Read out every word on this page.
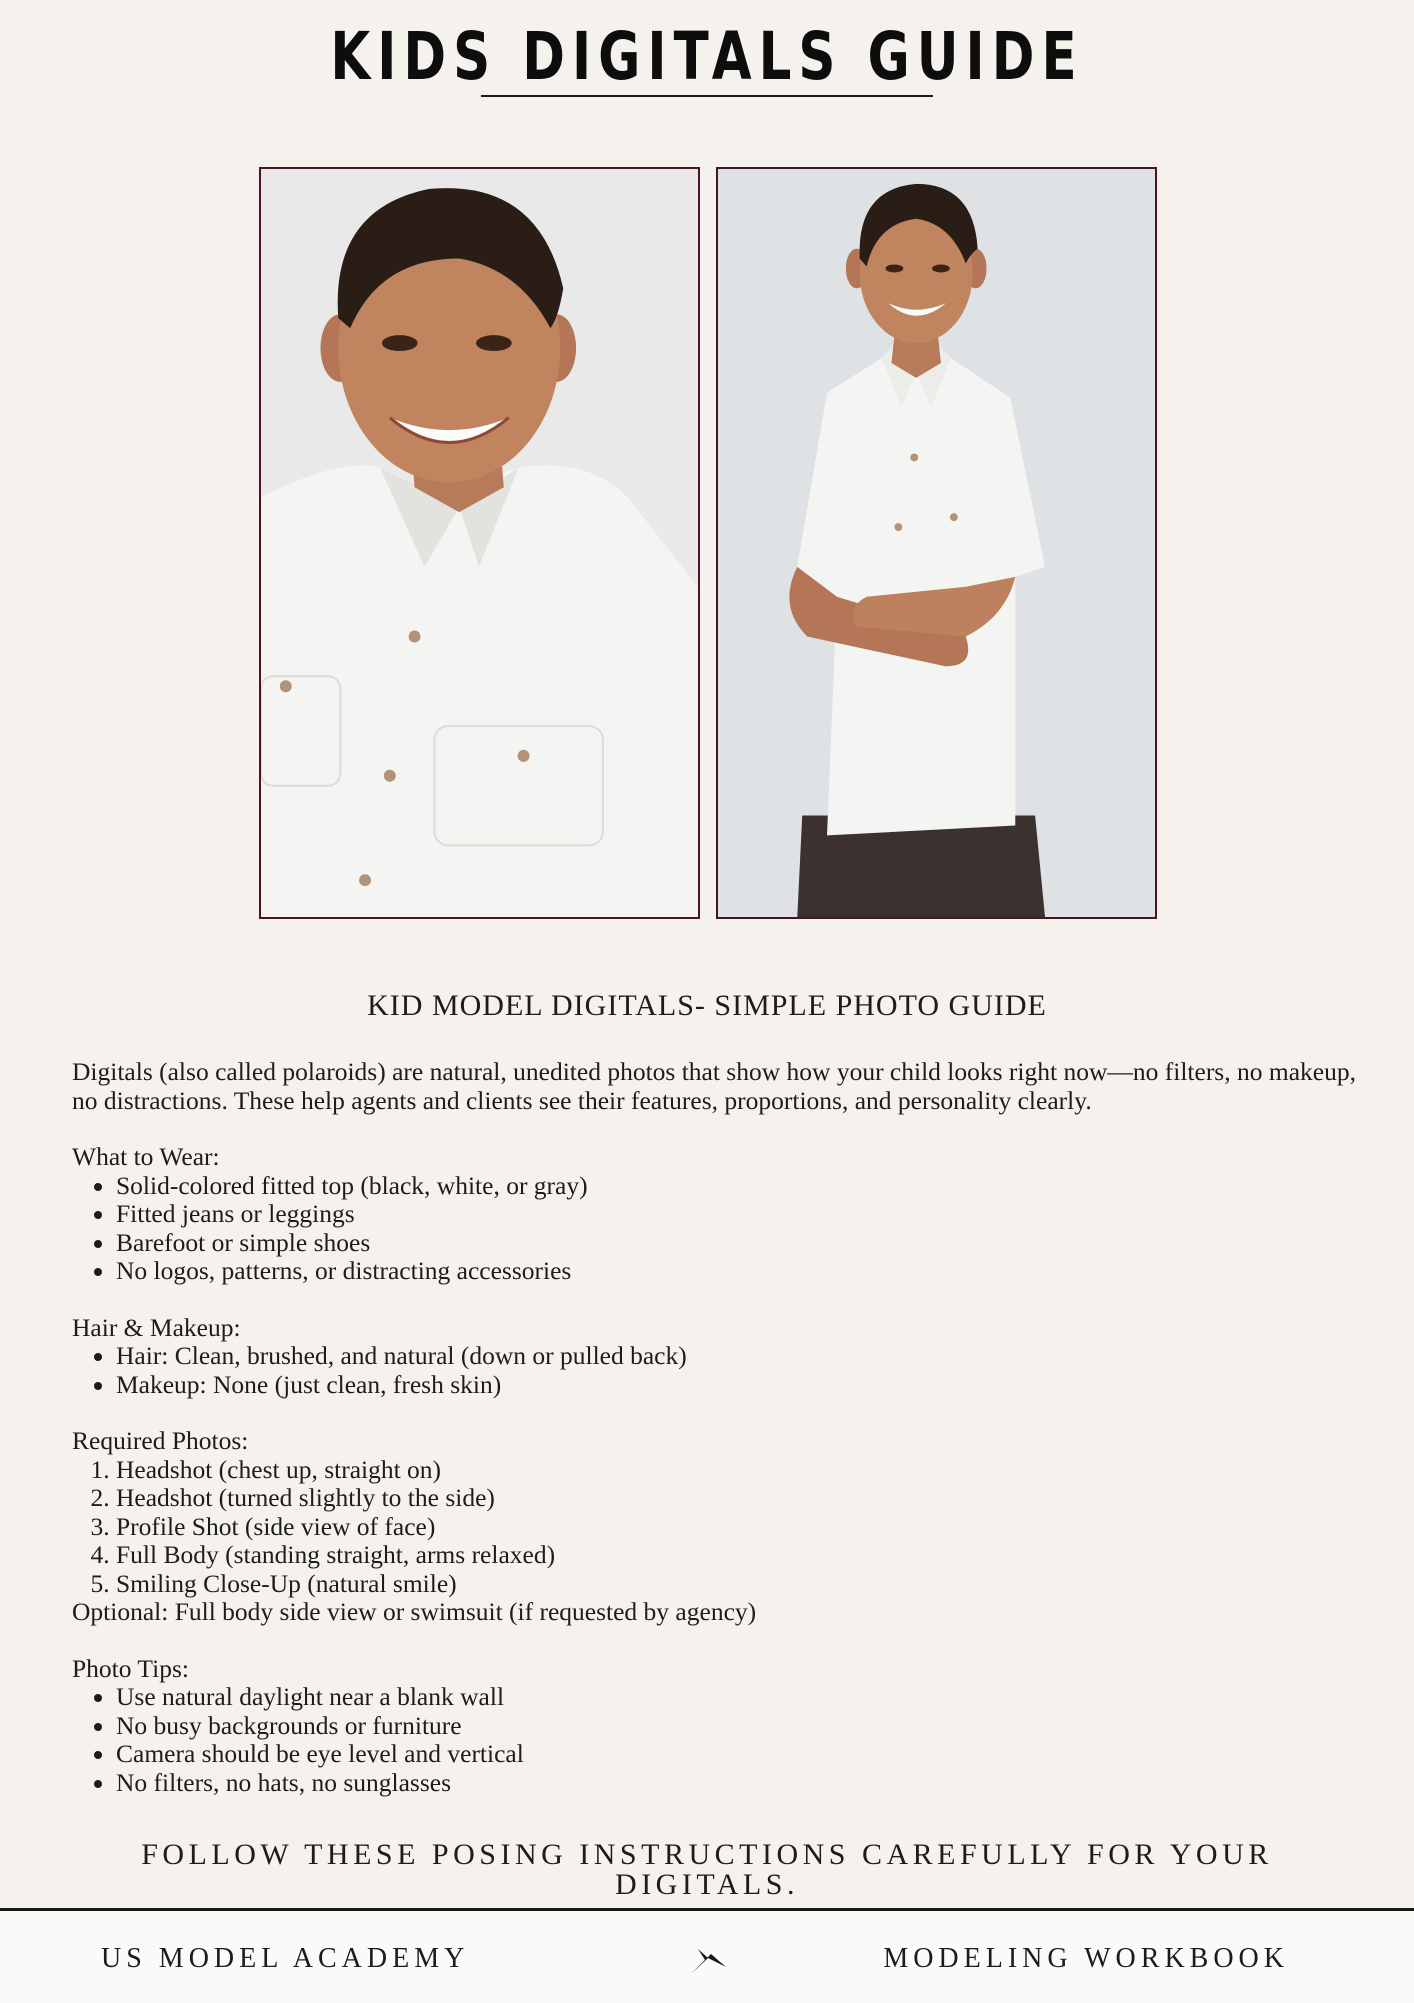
KIDS DIGITALS GUIDE
KID MODEL DIGITALS- SIMPLE PHOTO GUIDE

Digitals (also called polaroids) are natural, unedited photos that show how your child looks right now—no filters, no makeup, no distractions. These help agents and clients see their features, proportions, and personality clearly.

What to Wear:

• Solid-colored fitted top (black, white, or gray)
• Fitted jeans or leggings
• Barefoot or simple shoes
• No logos, patterns, or distracting accessories

Hair & Makeup:

• Hair: Clean, brushed, and natural (down or pulled back)
• Makeup: None (just clean, fresh skin)

Required Photos:

1. Headshot (chest up, straight on)
2. Headshot (turned slightly to the side)
3. Profile Shot (side view of face)
4. Full Body (standing straight, arms relaxed)
5. Smiling Close-Up (natural smile)

Optional: Full body side view or swimsuit (if requested by agency)

Photo Tips:

• Use natural daylight near a blank wall
• No busy backgrounds or furniture
• Camera should be eye level and vertical
• No filters, no hats, no sunglasses
FOLLOW THESE POSING INSTRUCTIONS CAREFULLY FOR YOUR DIGITALS.
US MODEL ACADEMY	MODELING WORKBOOK
